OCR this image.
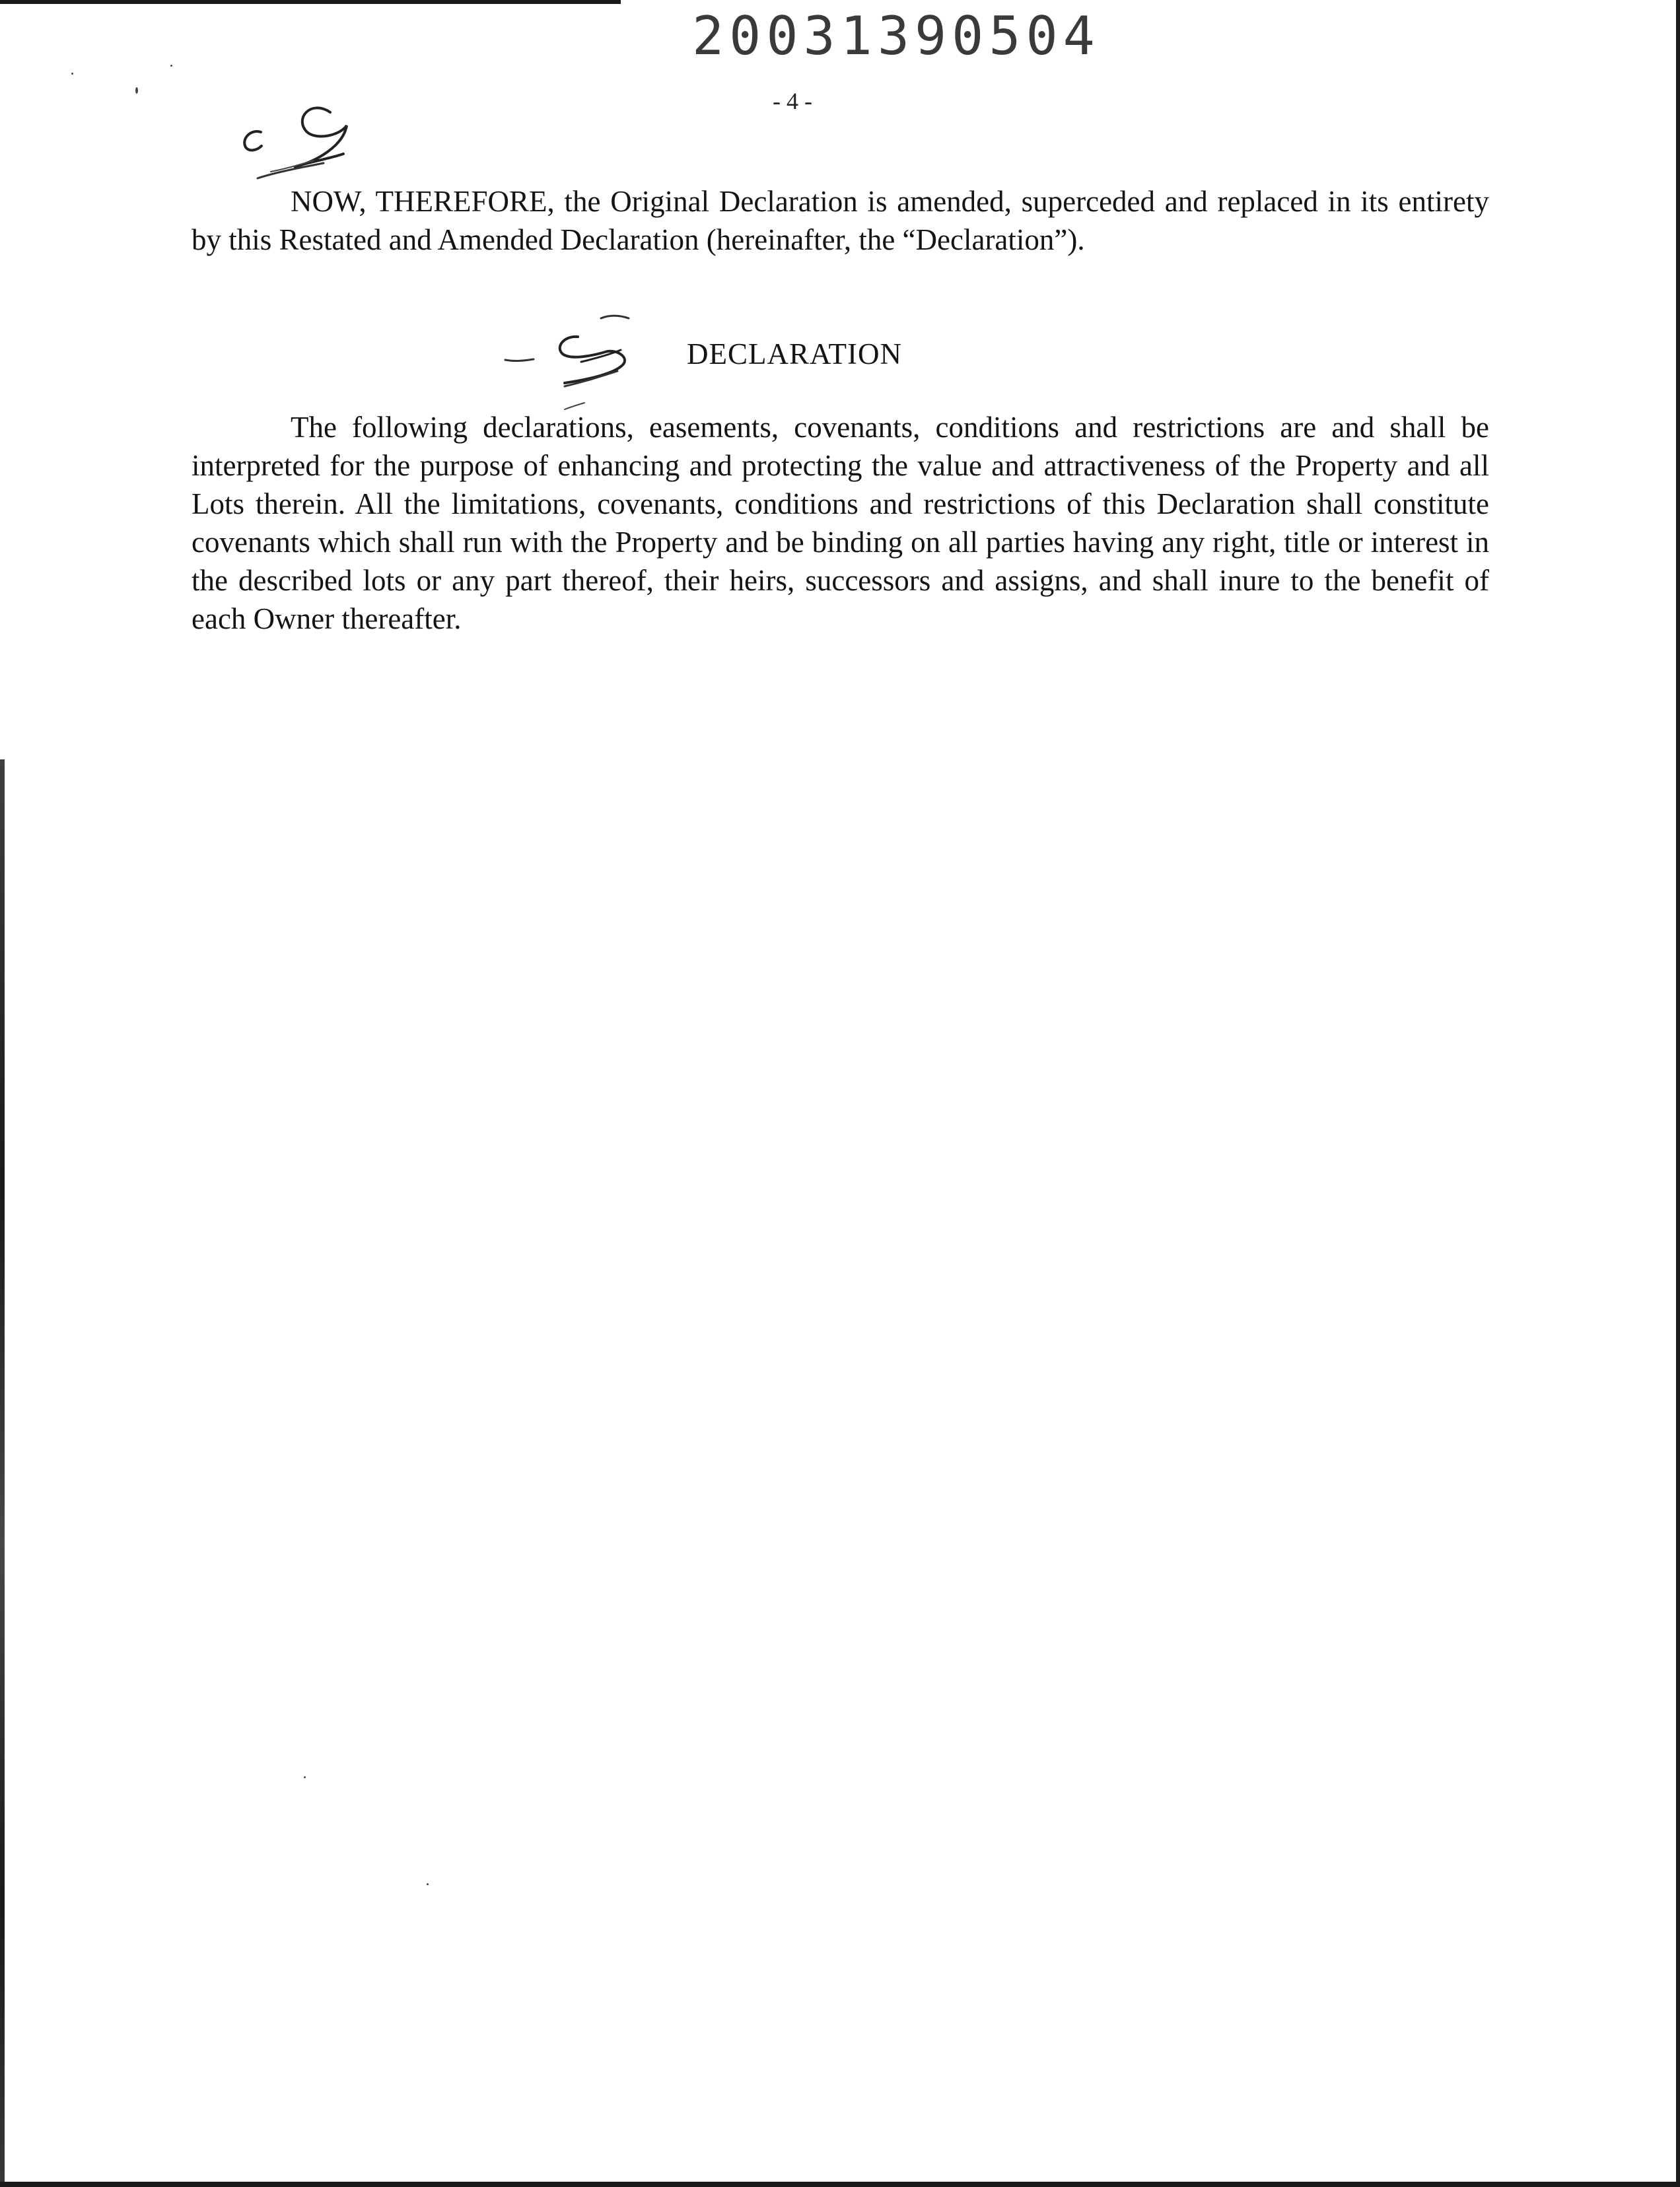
20031390504
- 4 -
NOW, THEREFORE, the Original Declaration is amended, superceded and replaced in its entirety by this Restated and Amended Declaration (hereinafter, the “Declaration”).
DECLARATION
The following declarations, easements, covenants, conditions and restrictions are and shall be interpreted for the purpose of enhancing and protecting the value and attractiveness of the Property and all Lots therein. All the limitations, covenants, conditions and restrictions of this Declaration shall constitute covenants which shall run with the Property and be binding on all parties having any right, title or interest in the described lots or any part thereof, their heirs, successors and assigns, and shall inure to the benefit of each Owner thereafter.
